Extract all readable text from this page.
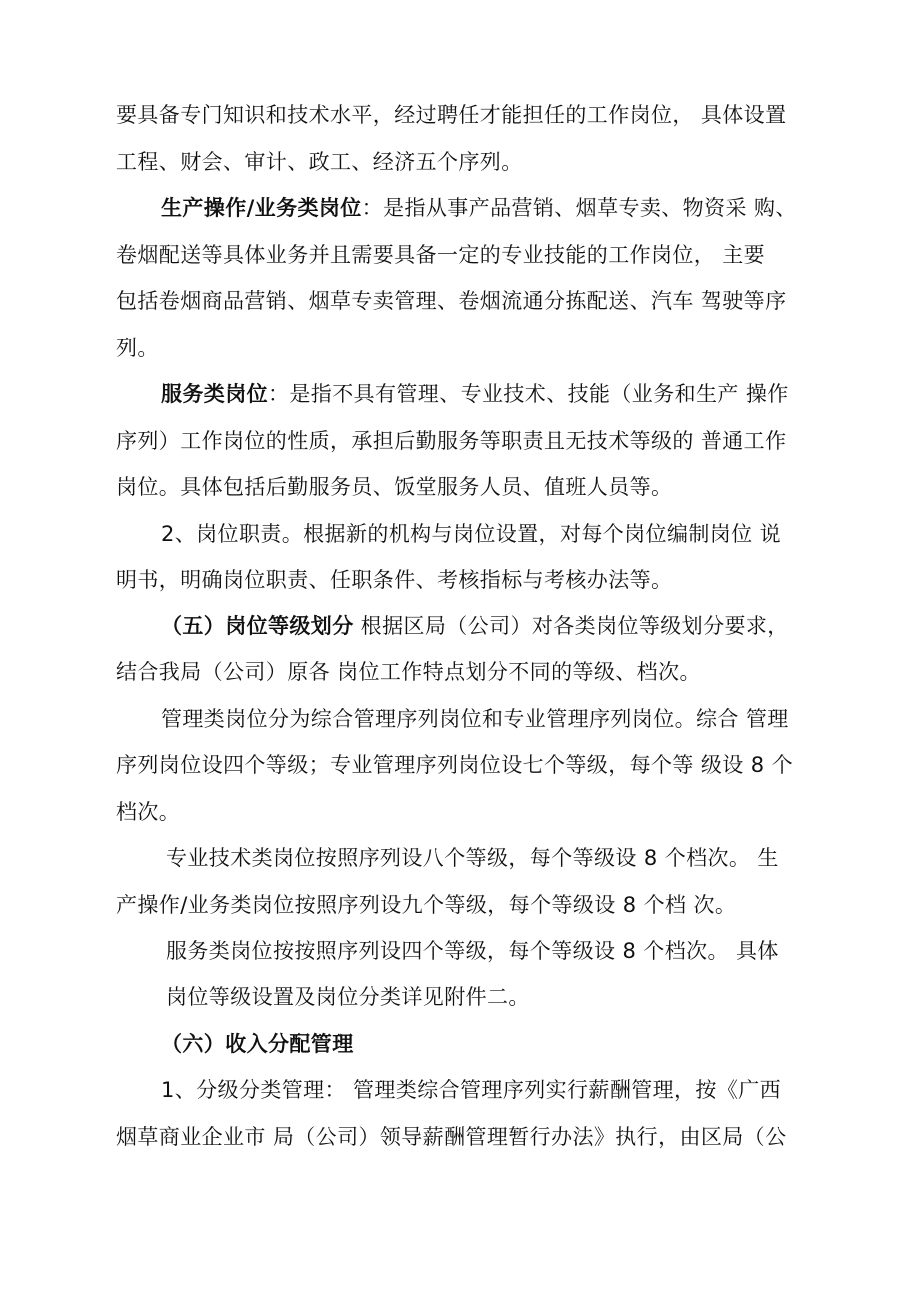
要具备专门知识和技术水平，经过聘任才能担任的工作岗位， 具体设置
工程、财会、审计、政工、经济五个序列。
生产操作/业务类岗位：是指从事产品营销、烟草专卖、物资采 购、
卷烟配送等具体业务并且需要具备一定的专业技能的工作岗位， 主要
包括卷烟商品营销、烟草专卖管理、卷烟流通分拣配送、汽车 驾驶等序
列。
服务类岗位：是指不具有管理、专业技术、技能（业务和生产 操作
序列）工作岗位的性质，承担后勤服务等职责且无技术等级的 普通工作
岗位。具体包括后勤服务员、饭堂服务人员、值班人员等。
2、岗位职责。根据新的机构与岗位设置，对每个岗位编制岗位 说
明书，明确岗位职责、任职条件、考核指标与考核办法等。
（五）岗位等级划分 根据区局（公司）对各类岗位等级划分要求，
结合我局（公司）原各 岗位工作特点划分不同的等级、档次。
管理类岗位分为综合管理序列岗位和专业管理序列岗位。综合 管理
序列岗位设四个等级；专业管理序列岗位设七个等级，每个等 级设 8 个
档次。
专业技术类岗位按照序列设八个等级，每个等级设 8 个档次。 生
产操作/业务类岗位按照序列设九个等级，每个等级设 8 个档 次。
服务类岗位按按照序列设四个等级，每个等级设 8 个档次。 具体
岗位等级设置及岗位分类详见附件二。
（六）收入分配管理
1、分级分类管理： 管理类综合管理序列实行薪酬管理，按《广西
烟草商业企业市 局（公司）领导薪酬管理暂行办法》执行，由区局（公
